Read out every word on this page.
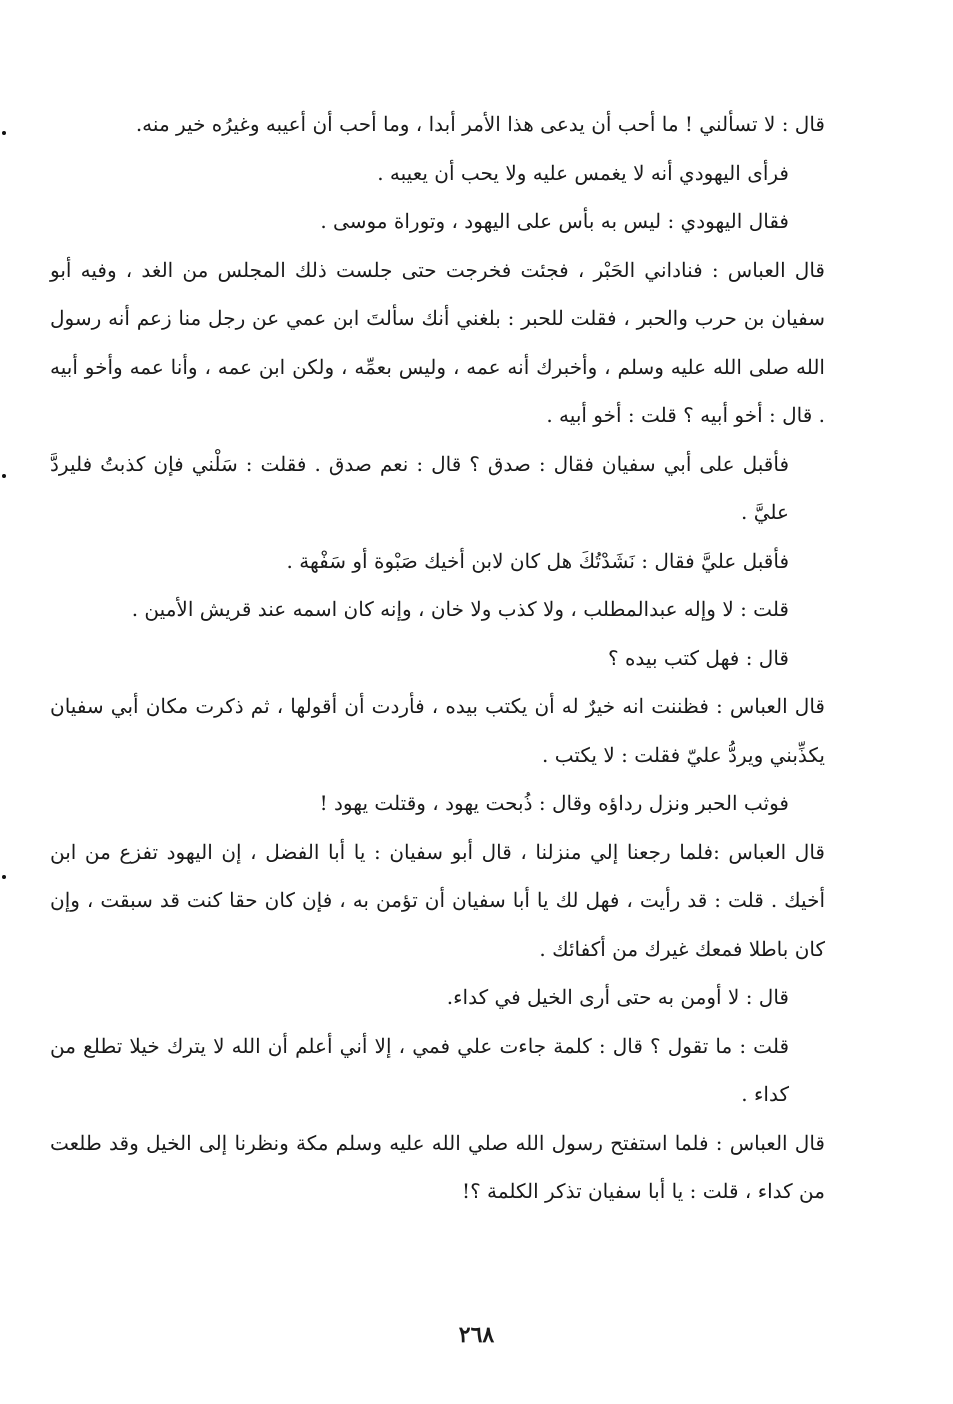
قال : لا تسألني ! ما أحب أن يدعى هذا الأمر أبدا ، وما أحب أن أعيبه وغيرُه خير منه.

فرأى اليهودي أنه لا يغمس عليه ولا يحب أن يعيبه .

فقال اليهودي : ليس به بأس على اليهود ، وتوراة موسى .

قال العباس : فناداني الحَبْر ، فجئت فخرجت حتى جلست ذلك المجلس من الغد ، وفيه أبو سفيان بن حرب والحبر ، فقلت للحبر : بلغني أنك سألتَ ابن عمي عن رجل منا زعم أنه رسول الله صلى الله عليه وسلم ، وأخبرك أنه عمه ، وليس بعمِّه ، ولكن ابن عمه ، وأنا عمه وأخو أبيه . قال : أخو أبيه ؟ قلت : أخو أبيه .

فأقبل على أبي سفيان فقال : صدق ؟ قال : نعم صدق . فقلت : سَلْني فإن كذبتُ فليردَّ عليَّ .

فأقبل عليَّ فقال : نَشَدْتُكَ هل كان لابن أخيك صَبْوة أو سَفْهة .

قلت : لا وإله عبدالمطلب ، ولا كذب ولا خان ، وإنه كان اسمه عند قريش الأمين .

قال : فهل كتب بيده ؟

قال العباس : فظننت انه خيرٌ له أن يكتب بيده ، فأردت أن أقولها ، ثم ذكرت مكان أبي سفيان يكذِّبني ويردُّ عليّ فقلت : لا يكتب .

فوثب الحبر ونزل رداؤه وقال : ذُبحت يهود ، وقتلت يهود !

قال العباس :فلما رجعنا إلي منزلنا ، قال أبو سفيان : يا أبا الفضل ، إن اليهود تفزع من ابن أخيك . قلت : قد رأيت ، فهل لك يا أبا سفيان أن تؤمن به ، فإن كان حقا كنت قد سبقت ، وإن كان باطلا فمعك غيرك من أكفائك .

قال : لا أومن به حتى أرى الخيل في كداء.

قلت : ما تقول ؟ قال : كلمة جاءت علي فمي ، إلا أني أعلم أن الله لا يترك خيلا تطلع من كداء .

قال العباس : فلما استفتح رسول الله صلي الله عليه وسلم مكة ونظرنا إلى الخيل وقد طلعت من كداء ، قلت : يا أبا سفيان تذكر الكلمة ؟!

٢٦٨
